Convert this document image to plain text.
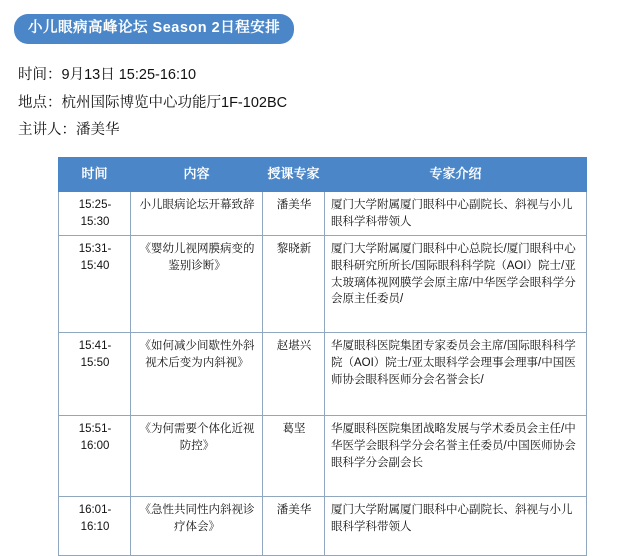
小儿眼病高峰论坛 Season 2日程安排
时间：9月13日 15:25-16:10
地点：杭州国际博览中心功能厅1F-102BC
主讲人：潘美华
时间	内容	授课专家	专家介绍
15:25-15:30	小儿眼病论坛开幕致辞	潘美华	厦门大学附属厦门眼科中心副院长、斜视与小儿眼科学科带领人
15:31-15:40	《婴幼儿视网膜病变的鉴别诊断》	黎晓新	厦门大学附属厦门眼科中心总院长/厦门眼科中心眼科研究所所长/国际眼科科学院（AOI）院士/亚太玻璃体视网膜学会原主席/中华医学会眼科学分会原主任委员/
15:41-15:50	《如何减少间歇性外斜视术后变为内斜视》	赵堪兴	华厦眼科医院集团专家委员会主席/国际眼科科学院（AOI）院士/亚太眼科学会理事会理事/中国医师协会眼科医师分会名誉会长/
15:51-16:00	《为何需要个体化近视防控》	葛坚	华厦眼科医院集团战略发展与学术委员会主任/中华医学会眼科学分会名誉主任委员/中国医师协会眼科学分会副会长
16:01-16:10	《急性共同性内斜视诊疗体会》	潘美华	厦门大学附属厦门眼科中心副院长、斜视与小儿眼科学科带领人
